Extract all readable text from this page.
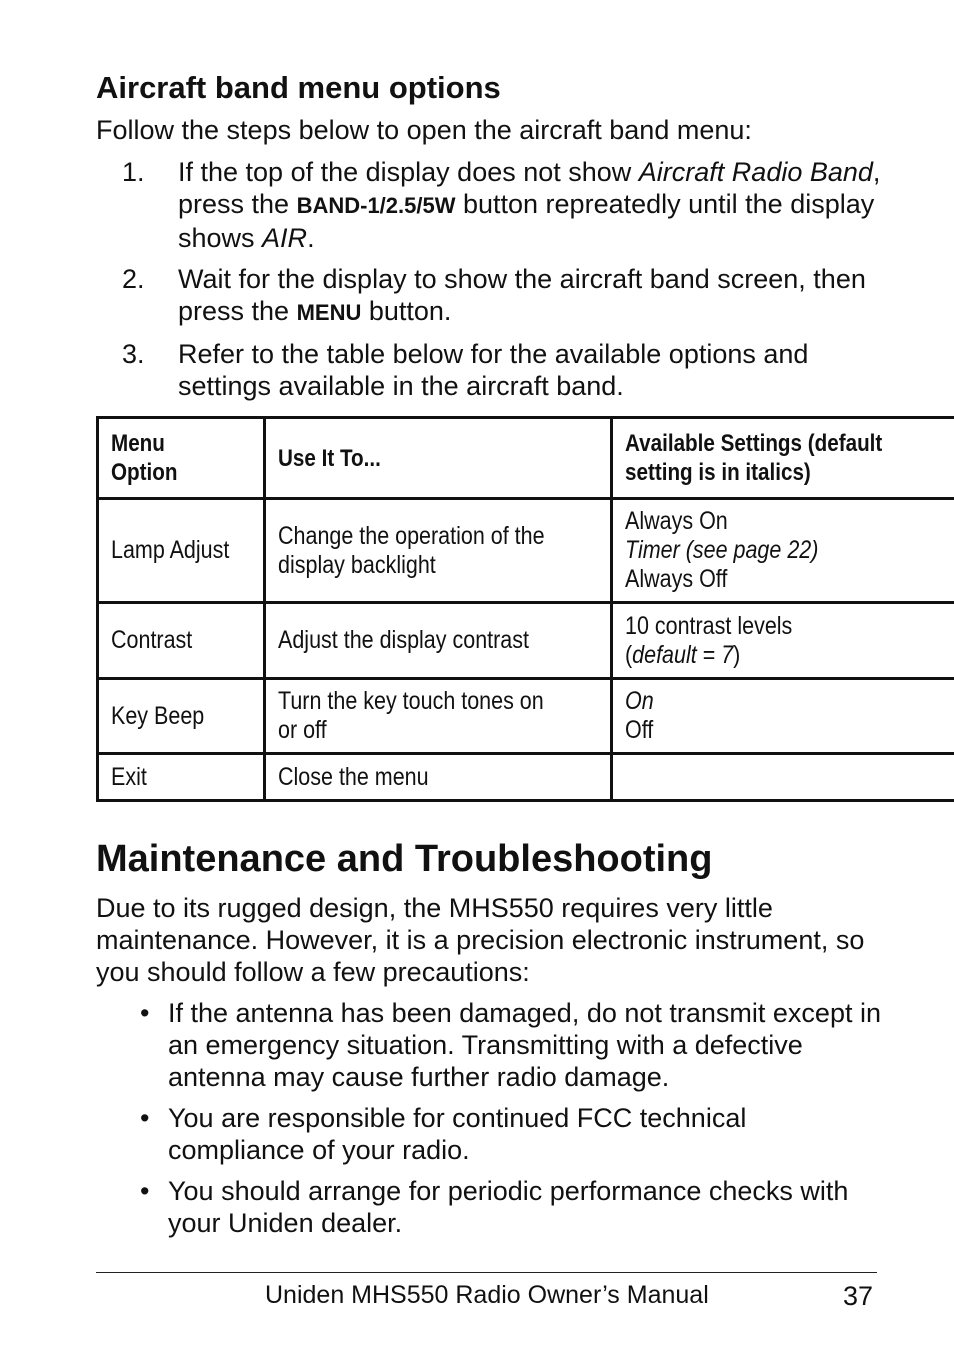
Aircraft band menu options

Follow the steps below to open the aircraft band menu:

1. If the top of the display does not show Aircraft Radio Band, press the BAND-1/2.5/5W button repreatedly until the display shows AIR.
2. Wait for the display to show the aircraft band screen, then press the MENU button.
3. Refer to the table below for the available options and settings available in the aircraft band.
Menu Option	Use It To...	Available Settings (default setting is in italics)
Lamp Adjust	Change the operation of the display backlight	Always On
Timer (see page 22)
Always Off
Contrast	Adjust the display contrast	10 contrast levels
(default = 7)
Key Beep	Turn the key touch tones on or off	On
Off
Exit	Close the menu	
Maintenance and Troubleshooting

Due to its rugged design, the MHS550 requires very little maintenance. However, it is a precision electronic instrument, so you should follow a few precautions:

• If the antenna has been damaged, do not transmit except in an emergency situation. Transmitting with a defective antenna may cause further radio damage.
• You are responsible for continued FCC technical compliance of your radio.
• You should arrange for periodic performance checks with your Uniden dealer.
Uniden MHS550 Radio Owner’s Manual	37
